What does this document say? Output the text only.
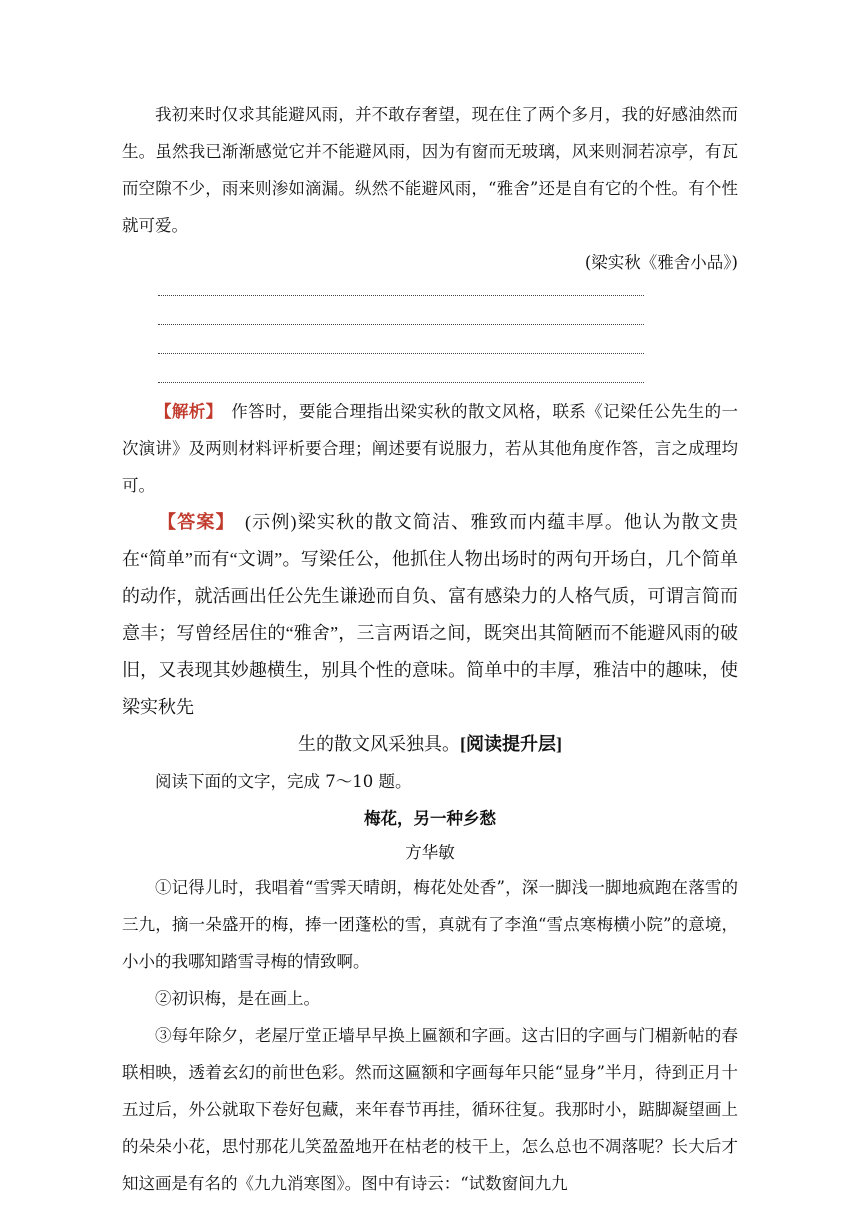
我初来时仅求其能避风雨，并不敢存奢望，现在住了两个多月，我的好感油然而生。虽然我已渐渐感觉它并不能避风雨，因为有窗而无玻璃，风来则洞若凉亭，有瓦而空隙不少，雨来则渗如滴漏。纵然不能避风雨，“雅舍”还是自有它的个性。有个性就可爱。

(梁实秋《雅舍小品》)

【解析】　作答时，要能合理指出梁实秋的散文风格，联系《记梁任公先生的一次演讲》及两则材料评析要合理；阐述要有说服力，若从其他角度作答，言之成理均可。

【答案】　(示例)梁实秋的散文简洁、雅致而内蕴丰厚。他认为散文贵在“简单”而有“文调”。写梁任公，他抓住人物出场时的两句开场白，几个简单的动作，就活画出任公先生谦逊而自负、富有感染力的人格气质，可谓言简而意丰；写曾经居住的“雅舍”，三言两语之间，既突出其简陋而不能避风雨的破旧，又表现其妙趣横生，别具个性的意味。简单中的丰厚，雅洁中的趣味，使梁实秋先

生的散文风采独具。[阅读提升层]

阅读下面的文字，完成 7～10 题。

梅花，另一种乡愁

方华敏

①记得儿时，我唱着“雪霁天晴朗，梅花处处香”，深一脚浅一脚地疯跑在落雪的三九，摘一朵盛开的梅，捧一团蓬松的雪，真就有了李渔“雪点寒梅横小院”的意境，小小的我哪知踏雪寻梅的情致啊。

②初识梅，是在画上。

③每年除夕，老屋厅堂正墙早早换上匾额和字画。这古旧的字画与门楣新帖的春联相映，透着玄幻的前世色彩。然而这匾额和字画每年只能“显身”半月，待到正月十五过后，外公就取下卷好包藏，来年春节再挂，循环往复。我那时小，踮脚凝望画上的朵朵小花，思忖那花儿笑盈盈地开在枯老的枝干上，怎么总也不凋落呢？长大后才知这画是有名的《九九消寒图》。图中有诗云：“试数窗间九九
